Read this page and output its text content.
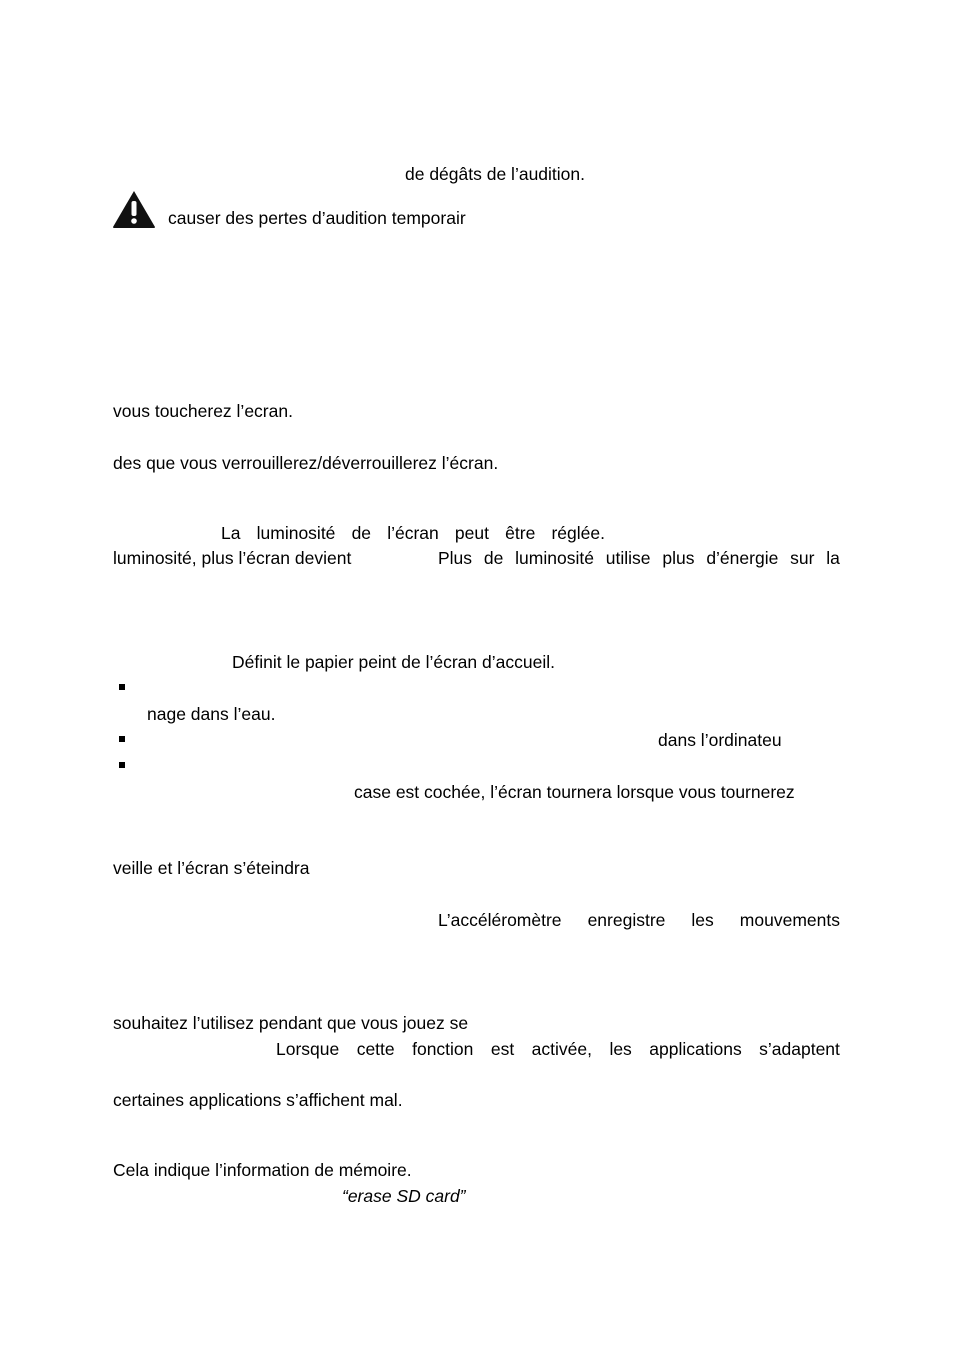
de dégâts de l’audition.
causer des pertes d’audition temporair
vous toucherez l’ecran.
des que vous verrouillerez/déverrouillerez l’écran.
La luminosité de l’écran peut être réglée.
luminosité, plus l’écran devient	Plus de luminosité utilise plus d’énergie sur la
Définit le papier peint de l’écran d’accueil.
nage dans l’eau.
dans l’ordinateu
case est cochée, l’écran tournera lorsque vous tournerez
veille et l’écran s’éteindra
L’accéléromètre enregistre les mouvements
souhaitez l’utilisez pendant que vous jouez se
Lorsque cette fonction est activée, les applications s’adaptent
certaines applications s’affichent mal.
Cela indique l’information de mémoire.
“erase SD card”
